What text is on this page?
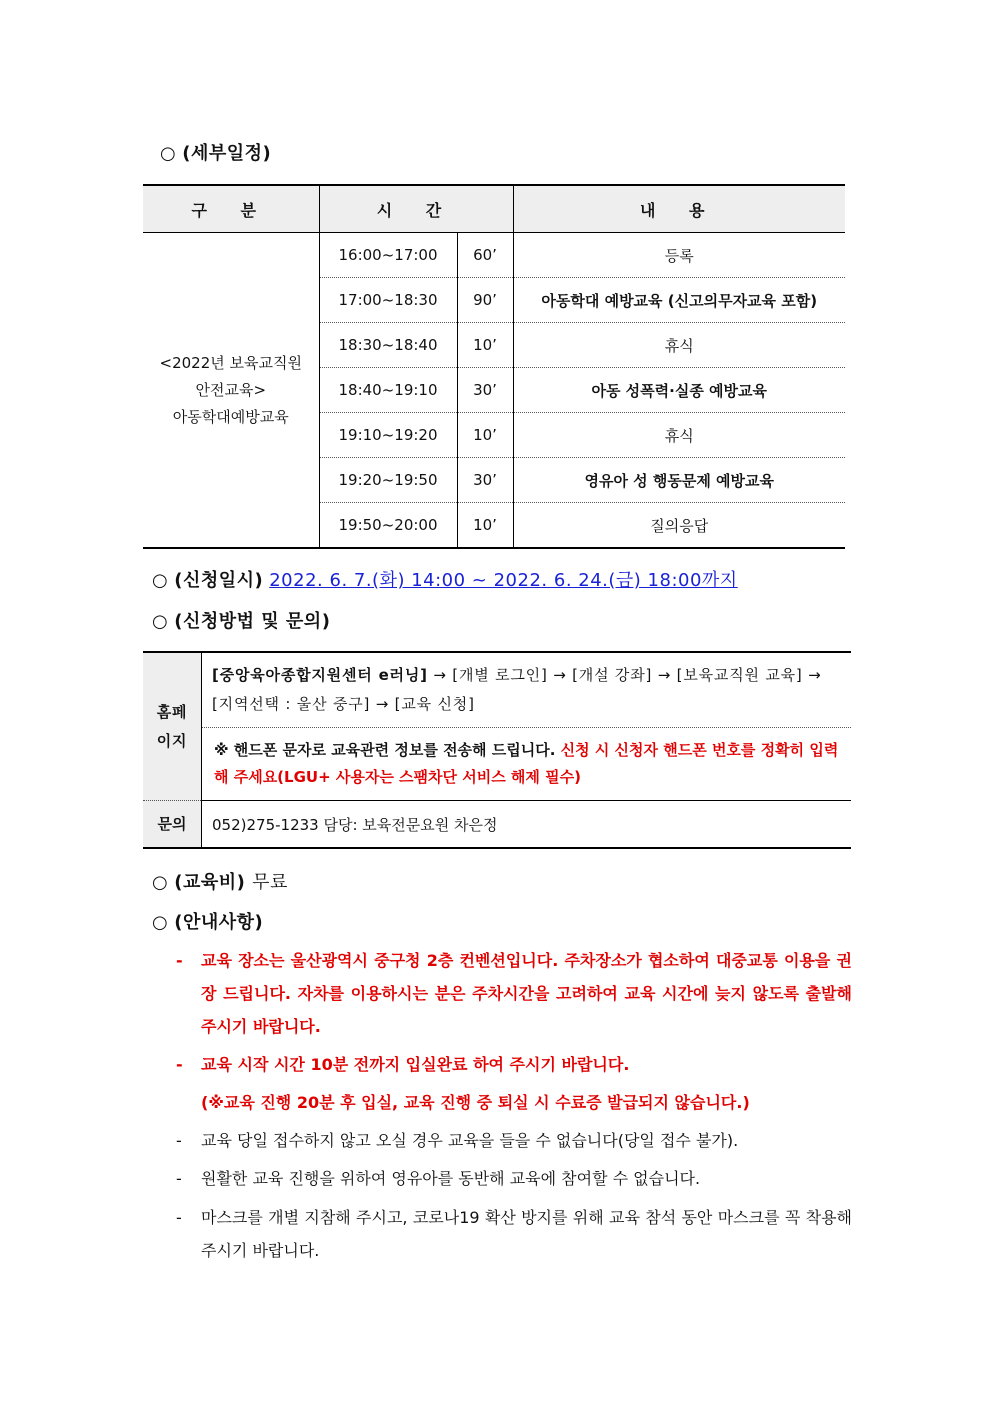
○ (세부일정)
구 분	시 간		내 용

<2022년 보육교직원
안전교육>
아동학대예방교육	16:00~17:00	60’	등록
	17:00~18:30	90’	아동학대 예방교육 (신고의무자교육 포함)
	18:30~18:40	10’	휴식
	18:40~19:10	30’	아동 성폭력·실종 예방교육
	19:10~19:20	10’	휴식
	19:20~19:50	30’	영유아 성 행동문제 예방교육
	19:50~20:00	10’	질의응답
○ (신청일시) 2022. 6. 7.(화) 14:00 ~ 2022. 6. 24.(금) 18:00까지
○ (신청방법 및 문의)
홈페
이지	[중앙육아종합지원센터 e러닝] → [개별 로그인] → [개설 강좌] → [보육교직원 교육] → [지역선택 : 울산 중구] → [교육 신청]
	※ 핸드폰 문자로 교육관련 정보를 전송해 드립니다. 신청 시 신청자 핸드폰 번호를 정확히 입력해 주세요(LGU+ 사용자는 스팸차단 서비스 해제 필수)
문의	052)275-1233 담당: 보육전문요원 차은정
○ (교육비) 무료
○ (안내사항)
-	교육 장소는 울산광역시 중구청 2층 컨벤션입니다. 주차장소가 협소하여 대중교통 이용을 권장 드립니다. 자차를 이용하시는 분은 주차시간을 고려하여 교육 시간에 늦지 않도록 출발해주시기 바랍니다.
-	교육 시작 시간 10분 전까지 입실완료 하여 주시기 바랍니다.
(※교육 진행 20분 후 입실, 교육 진행 중 퇴실 시 수료증 발급되지 않습니다.)
-	교육 당일 접수하지 않고 오실 경우 교육을 들을 수 없습니다(당일 접수 불가).
-	원활한 교육 진행을 위하여 영유아를 동반해 교육에 참여할 수 없습니다.
-	마스크를 개별 지참해 주시고, 코로나19 확산 방지를 위해 교육 참석 동안 마스크를 꼭 착용해 주시기 바랍니다.
